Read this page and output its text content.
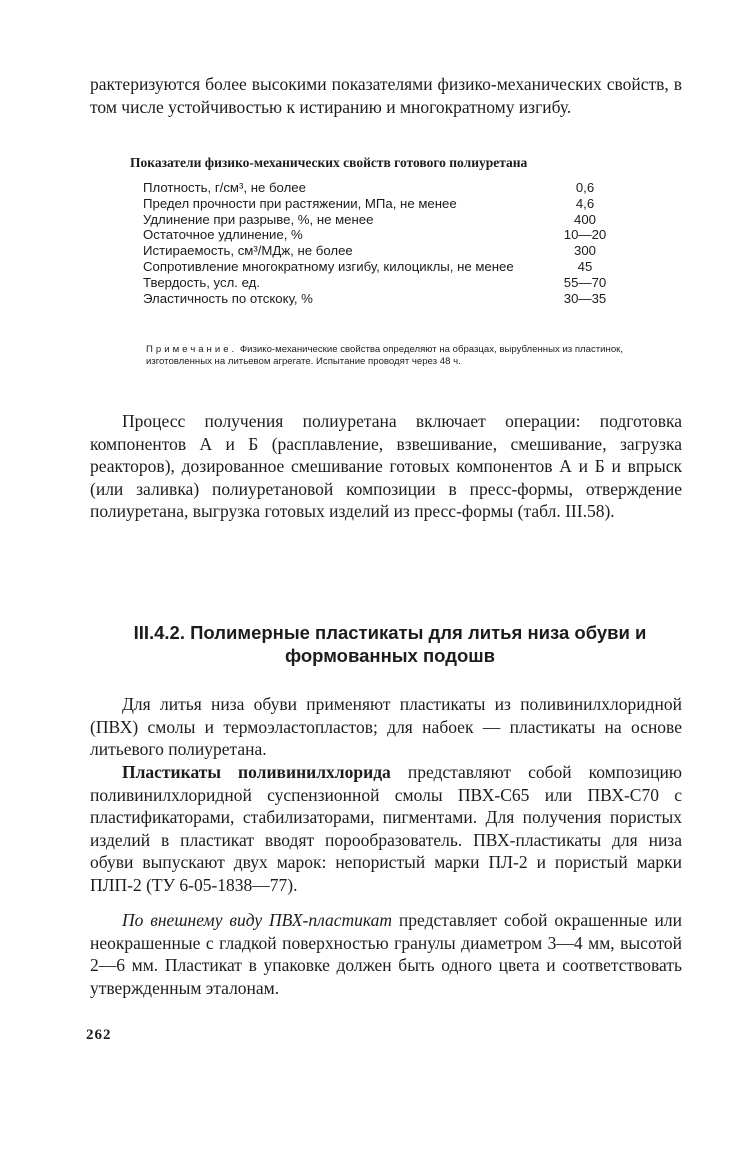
рактеризуются более высокими показателями физико-механических свойств, в том числе устойчивостью к истиранию и многократному изгибу.

Показатели физико-механических свойств готового полиуретана
Плотность, г/см³, не более	0,6
Предел прочности при растяжении, МПа, не менее	4,6
Удлинение при разрыве, %, не менее	400
Остаточное удлинение, %	10—20
Истираемость, см³/МДж, не более	300
Сопротивление многократному изгибу, килоциклы, не менее	45
Твердость, усл. ед.	55—70
Эластичность по отскоку, %	30—35

Примечание. Физико-механические свойства определяют на образцах, вырубленных из пластинок, изготовленных на литьевом агрегате. Испытание проводят через 48 ч.

Процесс получения полиуретана включает операции: подготовка компонентов А и Б (расплавление, взвешивание, смешивание, загрузка реакторов), дозированное смешивание готовых компонентов А и Б и впрыск (или заливка) полиуретановой композиции в пресс-формы, отверждение полиуретана, выгрузка готовых изделий из пресс-формы (табл. III.58).

III.4.2. Полимерные пластикаты для литья низа обуви и формованных подошв

Для литья низа обуви применяют пластикаты из поливинилхлоридной (ПВХ) смолы и термоэластопластов; для набоек — пластикаты на основе литьевого полиуретана.

Пластикаты поливинилхлорида представляют собой композицию поливинилхлоридной суспензионной смолы ПВХ-С65 или ПВХ-С70 с пластификаторами, стабилизаторами, пигментами. Для получения пористых изделий в пластикат вводят порообразователь. ПВХ-пластикаты для низа обуви выпускают двух марок: непористый марки ПЛ-2 и пористый марки ПЛП-2 (ТУ 6-05-1838—77).

По внешнему виду ПВХ-пластикат представляет собой окрашенные или неокрашенные с гладкой поверхностью гранулы диаметром 3—4 мм, высотой 2—6 мм. Пластикат в упаковке должен быть одного цвета и соответствовать утвержденным эталонам.

262
